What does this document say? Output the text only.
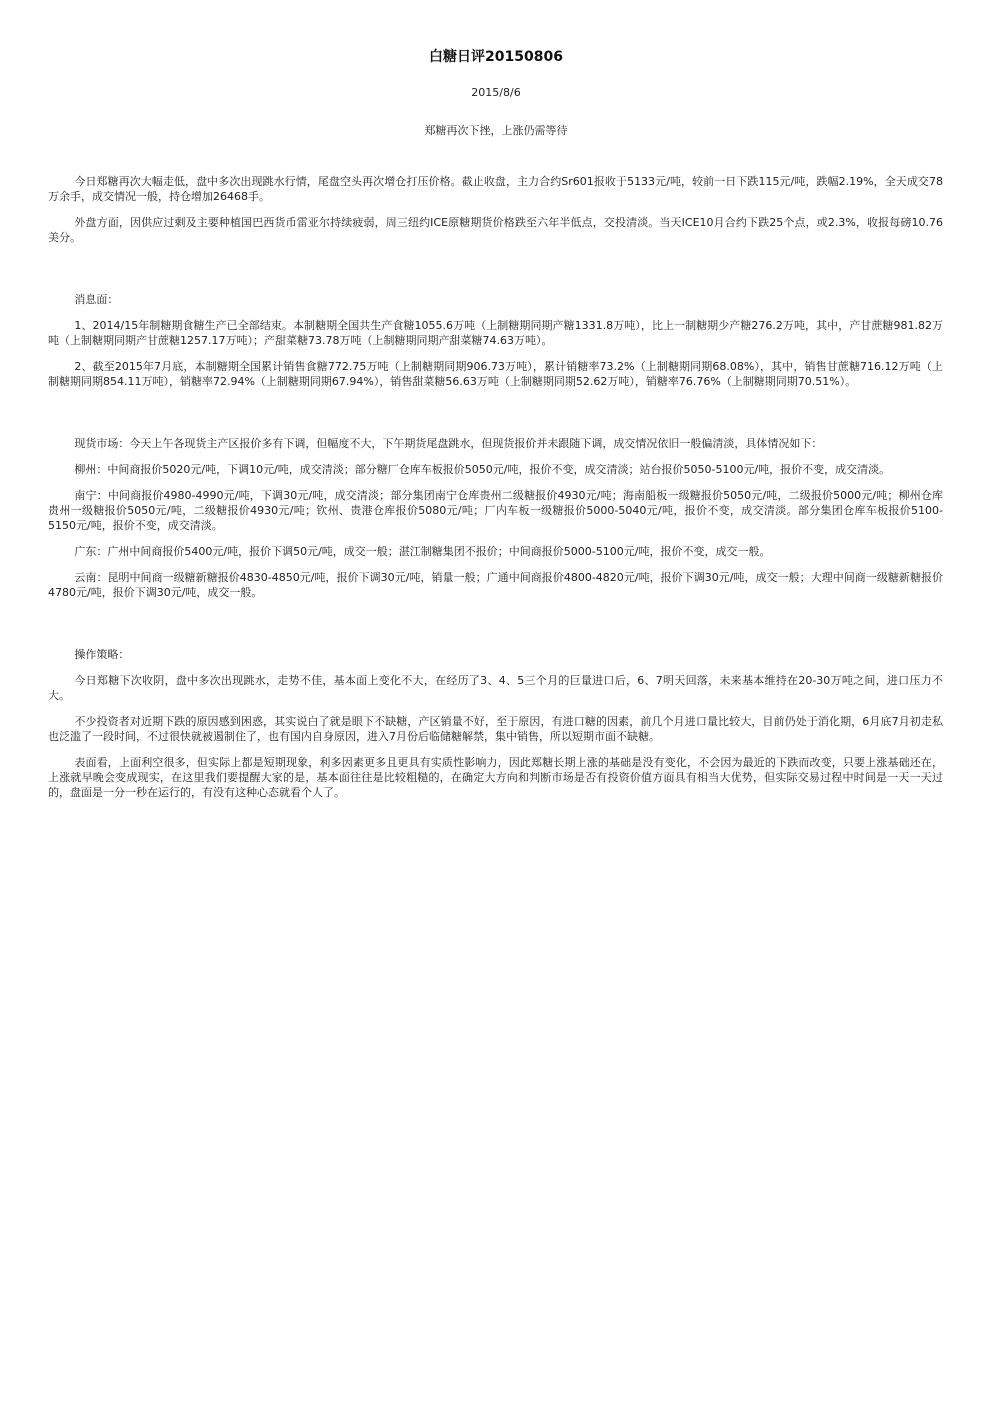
白糖日评20150806
2015/8/6
郑糖再次下挫，上涨仍需等待

今日郑糖再次大幅走低，盘中多次出现跳水行情，尾盘空头再次增仓打压价格。截止收盘，主力合约Sr601报收于5133元/吨，较前一日下跌115元/吨，跌幅2.19%，全天成交78万余手，成交情况一般，持仓增加26468手。

外盘方面，因供应过剩及主要种植国巴西货币雷亚尔持续疲弱，周三纽约ICE原糖期货价格跌至六年半低点，交投清淡。当天ICE10月合约下跌25个点，或2.3%，收报每磅10.76美分。

消息面：

1、2014/15年制糖期食糖生产已全部结束。本制糖期全国共生产食糖1055.6万吨（上制糖期同期产糖1331.8万吨），比上一制糖期少产糖276.2万吨，其中，产甘蔗糖981.82万吨（上制糖期同期产甘蔗糖1257.17万吨）；产甜菜糖73.78万吨（上制糖期同期产甜菜糖74.63万吨）。

2、截至2015年7月底，本制糖期全国累计销售食糖772.75万吨（上制糖期同期906.73万吨），累计销糖率73.2%（上制糖期同期68.08%），其中，销售甘蔗糖716.12万吨（上制糖期同期854.11万吨），销糖率72.94%（上制糖期同期67.94%），销售甜菜糖56.63万吨（上制糖期同期52.62万吨），销糖率76.76%（上制糖期同期70.51%）。

现货市场：今天上午各现货主产区报价多有下调，但幅度不大，下午期货尾盘跳水，但现货报价并未跟随下调，成交情况依旧一般偏清淡，具体情况如下：

柳州：中间商报价5020元/吨，下调10元/吨，成交清淡；部分糖厂仓库车板报价5050元/吨，报价不变，成交清淡；站台报价5050-5100元/吨，报价不变，成交清淡。

南宁：中间商报价4980-4990元/吨，下调30元/吨，成交清淡；部分集团南宁仓库贵州二级糖报价4930元/吨；海南船板一级糖报价5050元/吨，二级报价5000元/吨；柳州仓库贵州一级糖报价5050元/吨，二级糖报价4930元/吨；钦州、贵港仓库报价5080元/吨；厂内车板一级糖报价5000-5040元/吨，报价不变，成交清淡。部分集团仓库车板报价5100-5150元/吨，报价不变，成交清淡。

广东：广州中间商报价5400元/吨，报价下调50元/吨，成交一般；湛江制糖集团不报价；中间商报价5000-5100元/吨，报价不变，成交一般。

云南：昆明中间商一级糖新糖报价4830-4850元/吨，报价下调30元/吨，销量一般；广通中间商报价4800-4820元/吨，报价下调30元/吨，成交一般；大理中间商一级糖新糖报价4780元/吨，报价下调30元/吨，成交一般。

操作策略：

今日郑糖下次收阴，盘中多次出现跳水，走势不佳，基本面上变化不大，在经历了3、4、5三个月的巨量进口后，6、7明天回落，未来基本维持在20-30万吨之间，进口压力不大。

不少投资者对近期下跌的原因感到困惑，其实说白了就是眼下不缺糖，产区销量不好，至于原因，有进口糖的因素，前几个月进口量比较大，目前仍处于消化期，6月底7月初走私也泛滥了一段时间，不过很快就被遏制住了，也有国内自身原因，进入7月份后临储糖解禁，集中销售，所以短期市面不缺糖。

表面看，上面利空很多，但实际上都是短期现象，利多因素更多且更具有实质性影响力，因此郑糖长期上涨的基础是没有变化，不会因为最近的下跌而改变，只要上涨基础还在，上涨就早晚会变成现实，在这里我们要提醒大家的是，基本面往往是比较粗糙的，在确定大方向和判断市场是否有投资价值方面具有相当大优势，但实际交易过程中时间是一天一天过的，盘面是一分一秒在运行的，有没有这种心态就看个人了。
